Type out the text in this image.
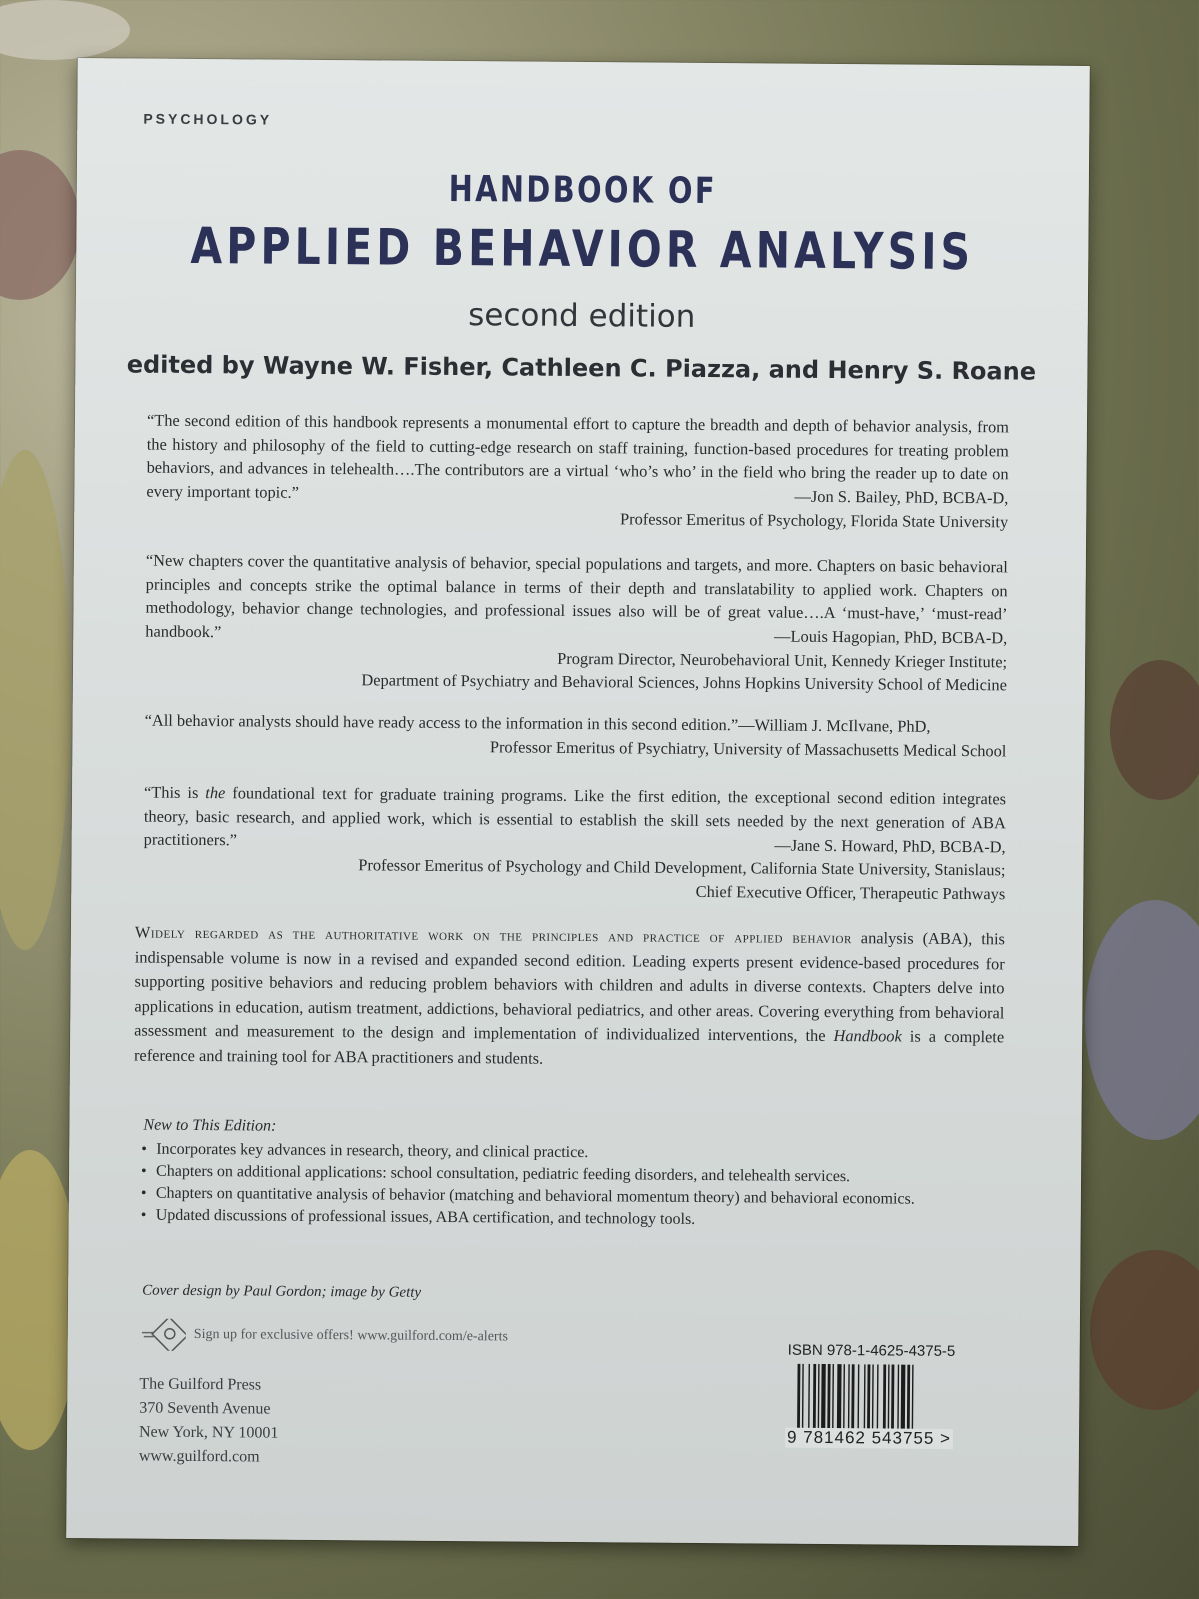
PSYCHOLOGY
HANDBOOK OF
APPLIED BEHAVIOR ANALYSIS
second edition
edited by Wayne W. Fisher, Cathleen C. Piazza, and Henry S. Roane

“The second edition of this handbook represents a monumental effort to capture the breadth and depth of behavior analysis, from the history and philosophy of the field to cutting-edge research on staff training, function-based procedures for treating problem behaviors, and advances in telehealth….The contributors are a virtual ‘who’s who’ in the field who bring the reader up to date on every important topic.”	—Jon S. Bailey, PhD, BCBA-D,
Professor Emeritus of Psychology, Florida State University

“New chapters cover the quantitative analysis of behavior, special populations and targets, and more. Chapters on basic behavioral principles and concepts strike the optimal balance in terms of their depth and translatability to applied work. Chapters on methodology, behavior change technologies, and professional issues also will be of great value….A ‘must-have,’ ‘must-read’ handbook.”	—Louis Hagopian, PhD, BCBA-D,
Program Director, Neurobehavioral Unit, Kennedy Krieger Institute;
Department of Psychiatry and Behavioral Sciences, Johns Hopkins University School of Medicine

“All behavior analysts should have ready access to the information in this second edition.”—William J. McIlvane, PhD,

Professor Emeritus of Psychiatry, University of Massachusetts Medical School

“This is the foundational text for graduate training programs. Like the first edition, the exceptional second edition integrates theory, basic research, and applied work, which is essential to establish the skill sets needed by the next generation of ABA practitioners.”	—Jane S. Howard, PhD, BCBA-D,
Professor Emeritus of Psychology and Child Development, California State University, Stanislaus;
Chief Executive Officer, Therapeutic Pathways
Widely regarded as the authoritative work on the principles and practice of applied behavior analysis (ABA), this indispensable volume is now in a revised and expanded second edition. Leading experts present evidence-based procedures for supporting positive behaviors and reducing problem behaviors with children and adults in diverse contexts. Chapters delve into applications in education, autism treatment, addictions, behavioral pediatrics, and other areas. Covering everything from behavioral assessment and measurement to the design and implementation of individualized interventions, the Handbook is a complete reference and training tool for ABA practitioners and students.
New to This Edition:
• Incorporates key advances in research, theory, and clinical practice.
• Chapters on additional applications: school consultation, pediatric feeding disorders, and telehealth services.
• Chapters on quantitative analysis of behavior (matching and behavioral momentum theory) and behavioral economics.
• Updated discussions of professional issues, ABA certification, and technology tools.
Cover design by Paul Gordon; image by Getty
Sign up for exclusive offers! www.guilford.com/e-alerts
ISBN 978-1-4625-4375-5
9 781462 543755 >
The Guilford Press
370 Seventh Avenue
New York, NY 10001
www.guilford.com
